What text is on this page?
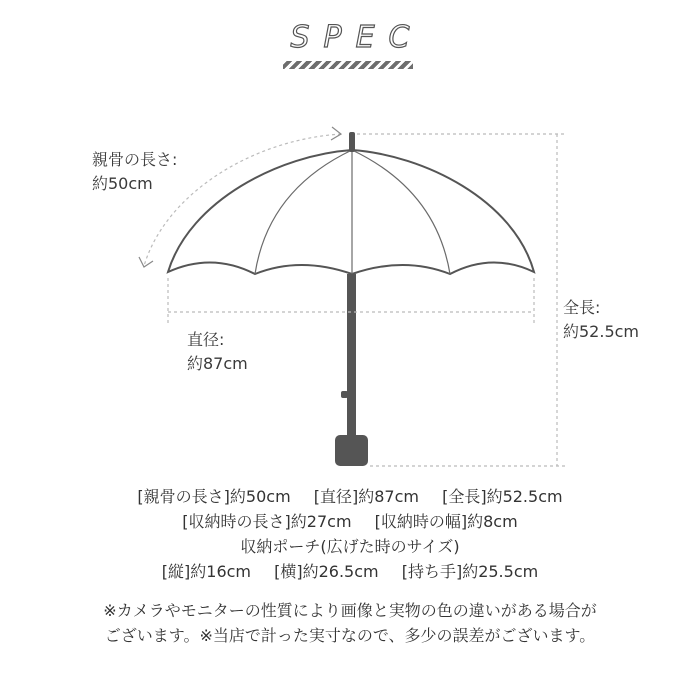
SPEC
親骨の長さ:
約50cm
直径:
約87cm
全長:
約52.5cm
[親骨の長さ]約50cm [直径]約87cm [全長]約52.5cm
[収納時の長さ]約27cm [収納時の幅]約8cm
収納ポーチ(広げた時のサイズ)
[縦]約16cm [横]約26.5cm [持ち手]約25.5cm
※カメラやモニターの性質により画像と実物の色の違いがある場合が
ございます。※当店で計った実寸なので、多少の誤差がございます。
